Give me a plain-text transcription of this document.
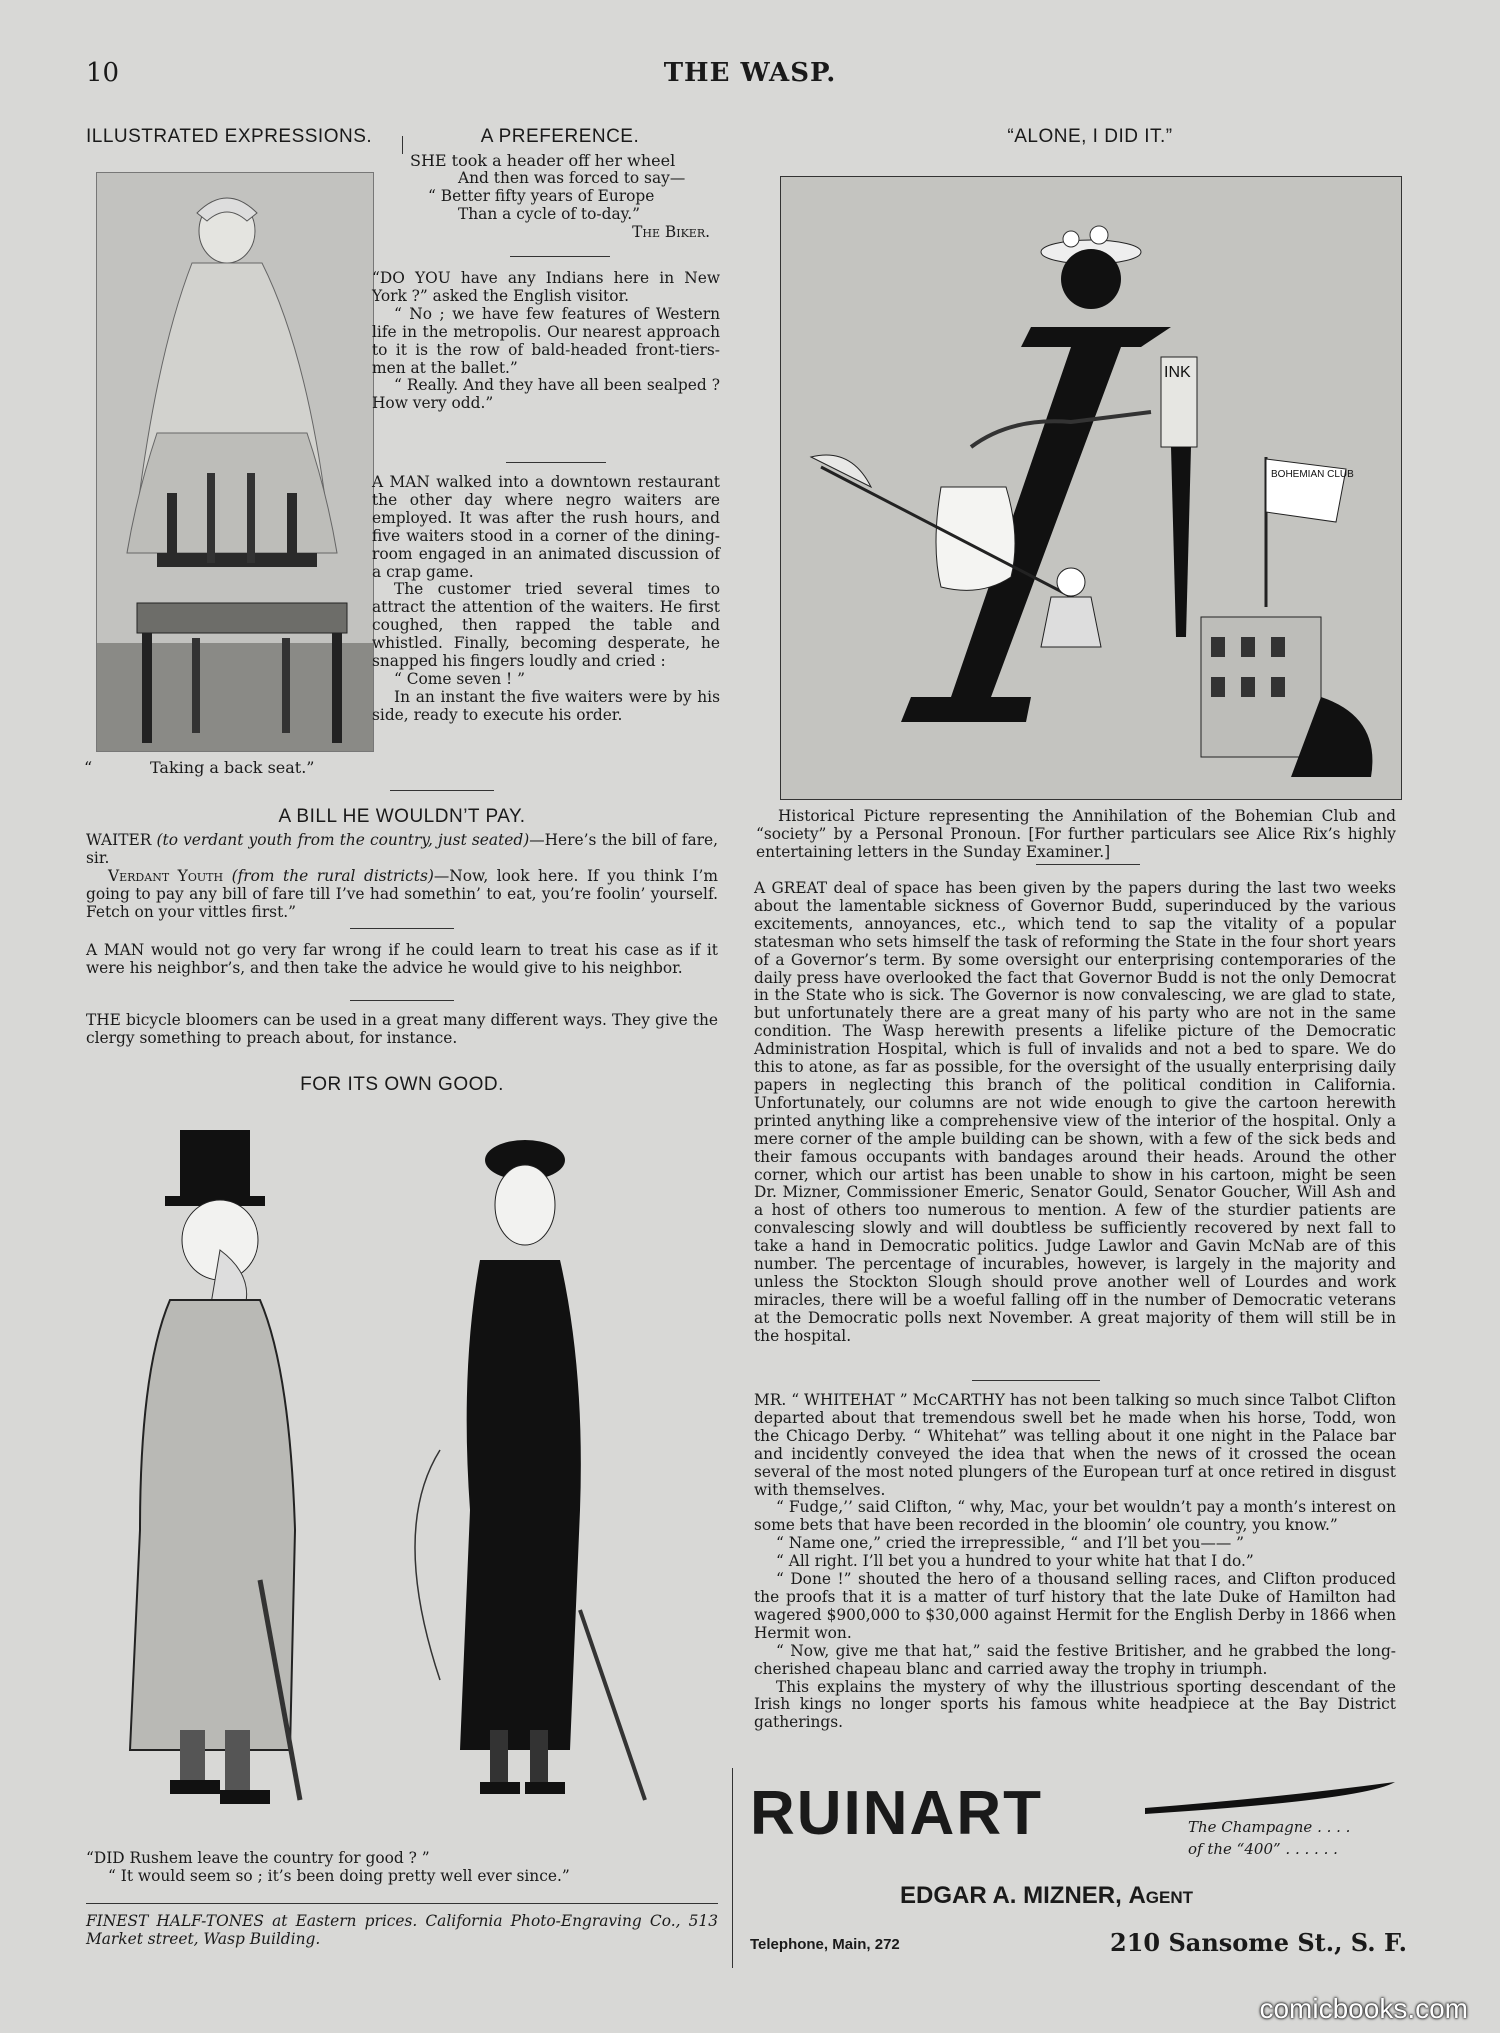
10	THE WASP.
ILLUSTRATED EXPRESSIONS.
“	Taking a back seat.”
A PREFERENCE.

SHE took a header off her wheel

And then was forced to say—

“ Better fifty years of Europe

Than a cycle of to-day.”

The Biker.

“DO YOU have any Indians here in New York ?” asked the English visitor.

“ No ; we have few features of Western life in the metropolis. Our nearest approach to it is the row of bald-headed front-tiers-men at the ballet.”

“ Really. And they have all been sealped ? How very odd.”

A MAN walked into a downtown restaurant the other day where negro waiters are employed. It was after the rush hours, and five waiters stood in a corner of the dining-room engaged in an animated discussion of a crap game.

The customer tried several times to attract the attention of the waiters. He first coughed, then rapped the table and whistled. Finally, becoming desperate, he snapped his fingers loudly and cried :

“ Come seven ! ”

In an instant the five waiters were by his side, ready to execute his order.

A BILL HE WOULDN’T PAY.

WAITER (to verdant youth from the country, just seated)—Here’s the bill of fare, sir.

Verdant Youth (from the rural districts)—Now, look here. If you think I’m going to pay any bill of fare till I’ve had somethin’ to eat, you’re foolin’ yourself. Fetch on your vittles first.”

A MAN would not go very far wrong if he could learn to treat his case as if it were his neighbor’s, and then take the advice he would give to his neighbor.
THE bicycle bloomers can be used in a great many different ways. They give the clergy something to preach about, for instance.
FOR ITS OWN GOOD.

“DID Rushem leave the country for good ? ”

“ It would seem so ; it’s been doing pretty well ever since.”

FINEST HALF-TONES at Eastern prices. California Photo-Engraving Co., 513 Market street, Wasp Building.
“ALONE, I DID IT.”
INK
BOHEMIAN CLUB

Historical Picture representing the Annihilation of the Bohemian Club and “society” by a Personal Pronoun. [For further particulars see Alice Rix’s highly entertaining letters in the Sunday Examiner.]

A GREAT deal of space has been given by the papers during the last two weeks about the lamentable sickness of Governor Budd, superinduced by the various excitements, annoyances, etc., which tend to sap the vitality of a popular statesman who sets himself the task of reforming the State in the four short years of a Governor’s term. By some oversight our enterprising contemporaries of the daily press have overlooked the fact that Governor Budd is not the only Democrat in the State who is sick. The Governor is now convalescing, we are glad to state, but unfortunately there are a great many of his party who are not in the same condition. The Wasp herewith presents a lifelike picture of the Democratic Administration Hospital, which is full of invalids and not a bed to spare. We do this to atone, as far as possible, for the oversight of the usually enterprising daily papers in neglecting this branch of the political condition in California. Unfortunately, our columns are not wide enough to give the cartoon herewith printed anything like a comprehensive view of the interior of the hospital. Only a mere corner of the ample building can be shown, with a few of the sick beds and their famous occupants with bandages around their heads. Around the other corner, which our artist has been unable to show in his cartoon, might be seen Dr. Mizner, Commissioner Emeric, Senator Gould, Senator Goucher, Will Ash and a host of others too numerous to mention. A few of the sturdier patients are convalescing slowly and will doubtless be sufficiently recovered by next fall to take a hand in Democratic politics. Judge Lawlor and Gavin McNab are of this number. The percentage of incurables, however, is largely in the majority and unless the Stockton Slough should prove another well of Lourdes and work miracles, there will be a woeful falling off in the number of Democratic veterans at the Democratic polls next November. A great majority of them will still be in the hospital.

MR. “ WHITEHAT ” McCARTHY has not been talking so much since Talbot Clifton departed about that tremendous swell bet he made when his horse, Todd, won the Chicago Derby. “ Whitehat” was telling about it one night in the Palace bar and incidently conveyed the idea that when the news of it crossed the ocean several of the most noted plungers of the European turf at once retired in disgust with themselves.

“ Fudge,’’ said Clifton, “ why, Mac, your bet wouldn’t pay a month’s interest on some bets that have been recorded in the bloomin’ ole country, you know.”

“ Name one,” cried the irrepressible, “ and I’ll bet you—— ”

“ All right. I’ll bet you a hundred to your white hat that I do.”

“ Done !” shouted the hero of a thousand selling races, and Clifton produced the proofs that it is a matter of turf history that the late Duke of Hamilton had wagered $900,000 to $30,000 against Hermit for the English Derby in 1866 when Hermit won.

“ Now, give me that hat,” said the festive Britisher, and he grabbed the long-cherished chapeau blanc and carried away the trophy in triumph.

This explains the mystery of why the illustrious sporting descendant of the Irish kings no longer sports his famous white headpiece at the Bay District gatherings.

RUINART	The Champagne . . . .
of the “400” . . . . . .
EDGAR A. MIZNER, Agent
Telephone, Main, 272	210 Sansome St., S. F.
comicbooks.com
